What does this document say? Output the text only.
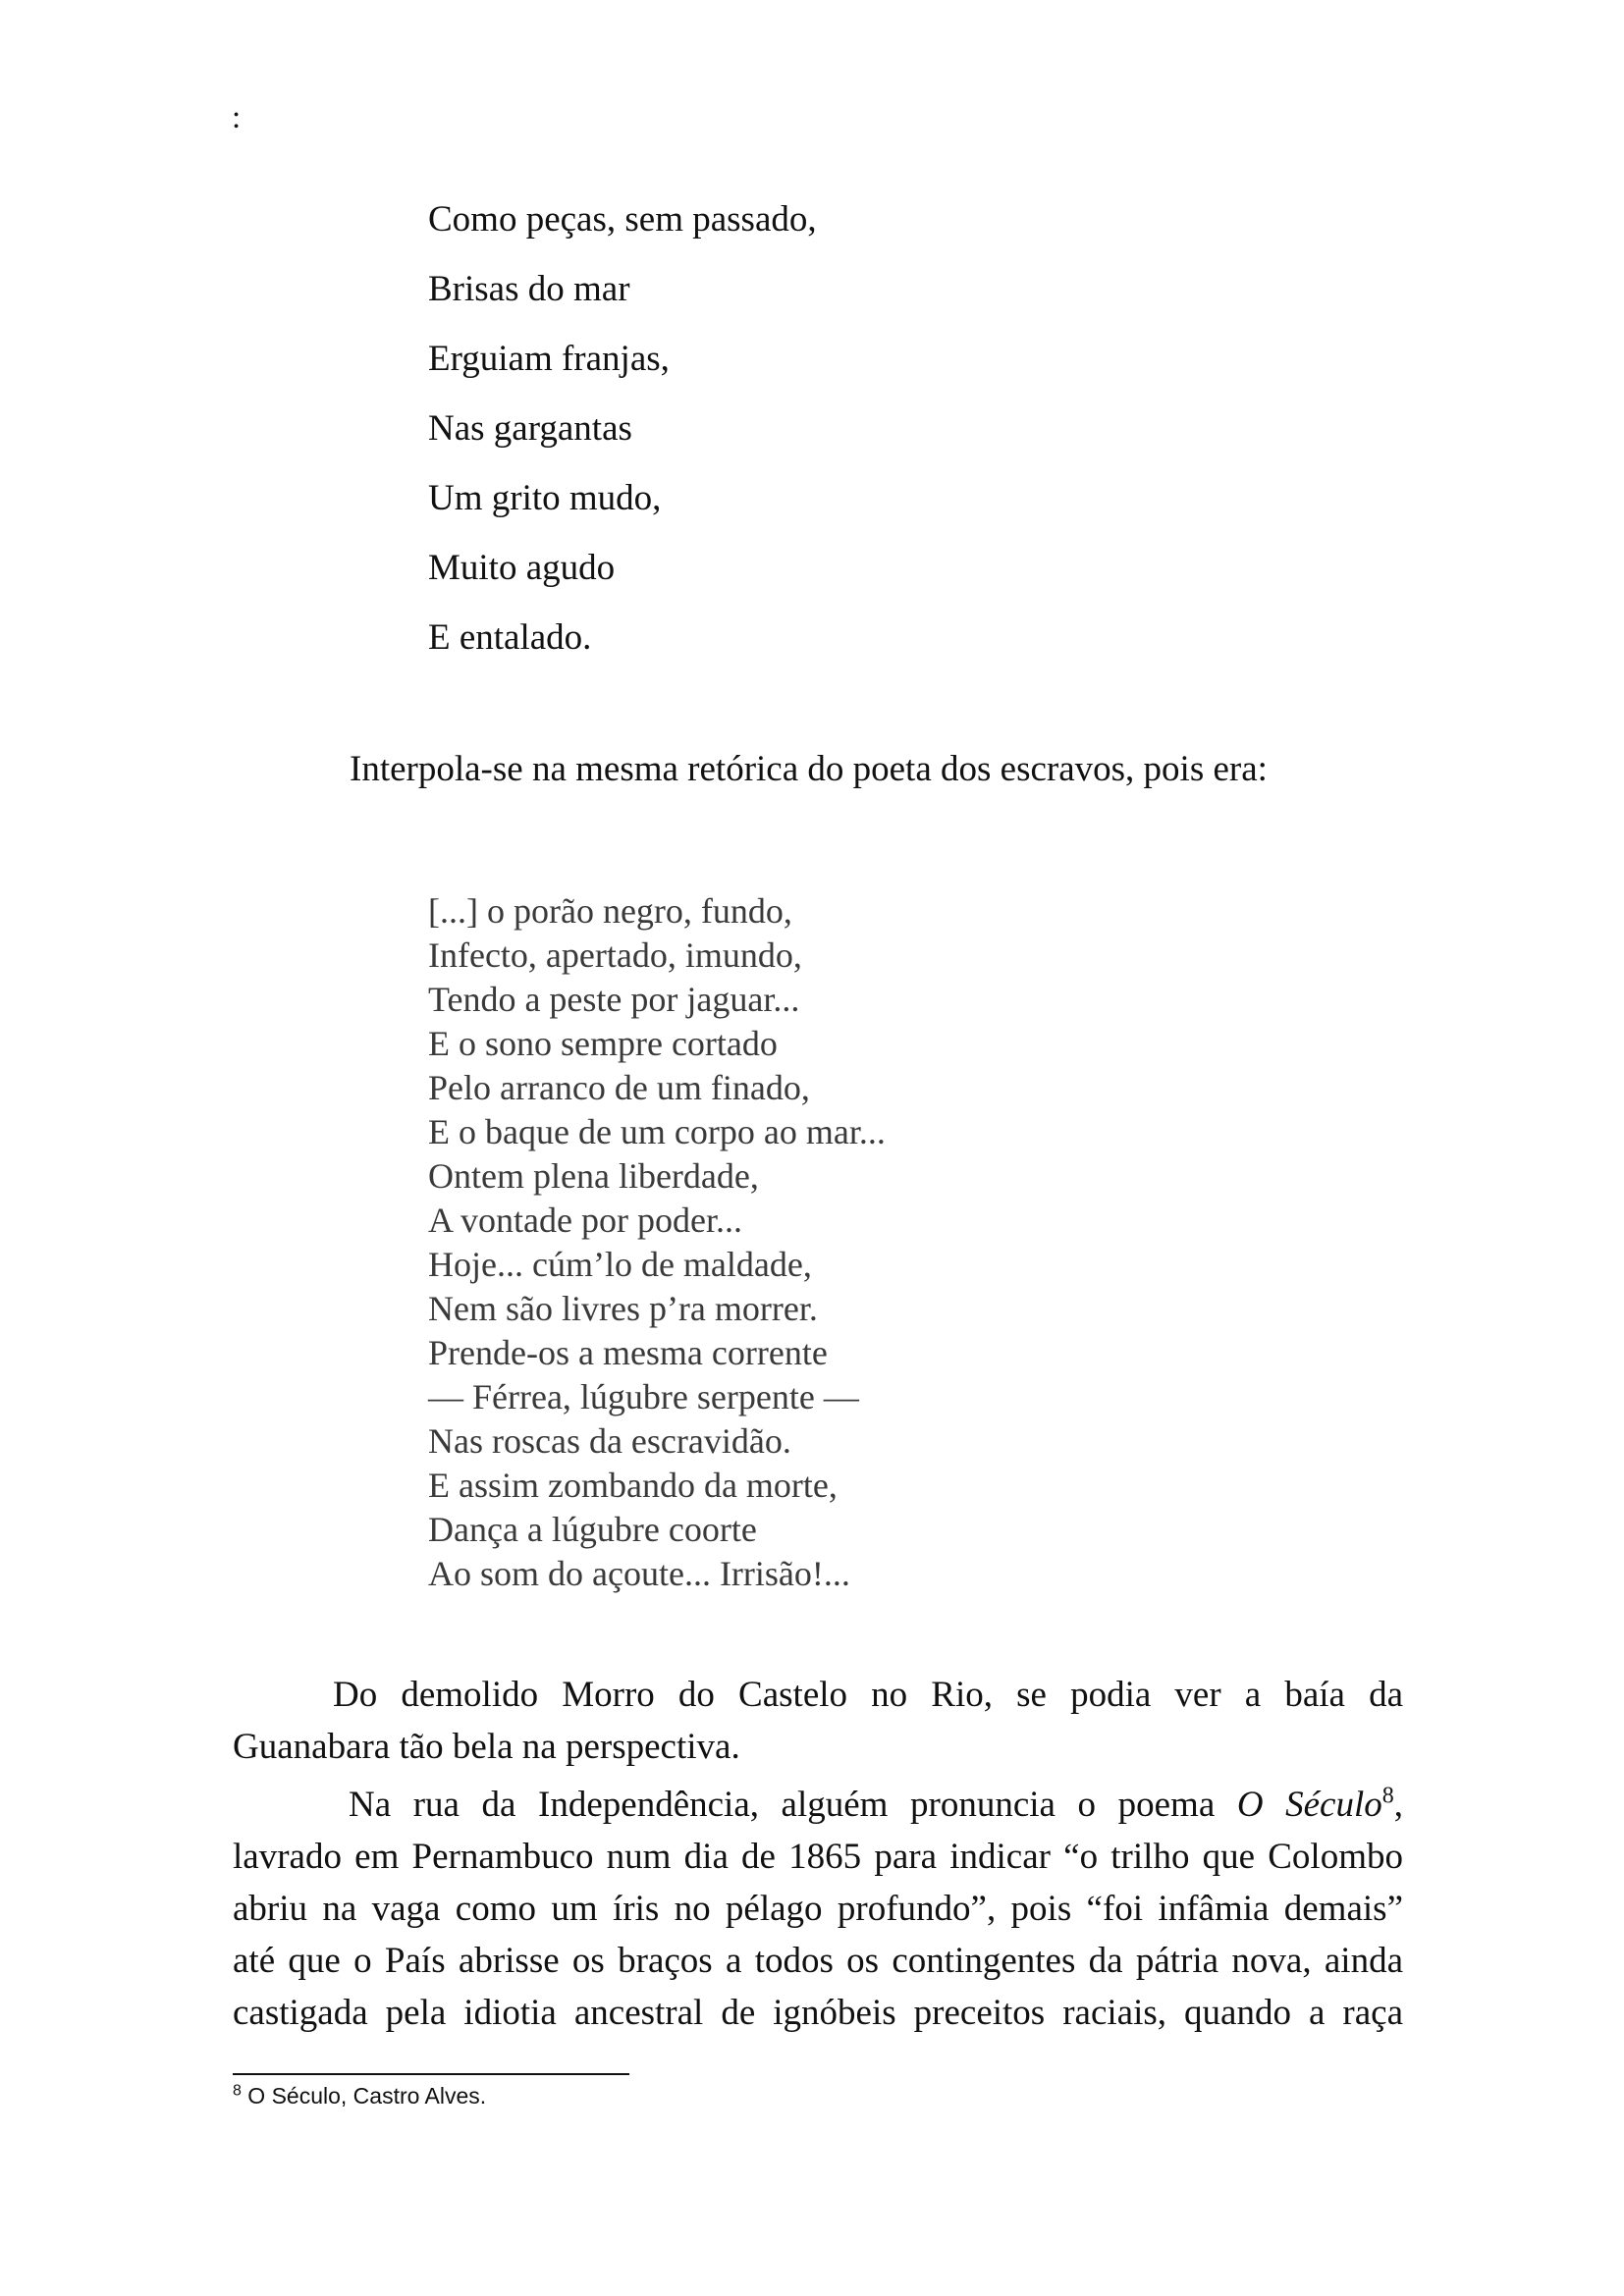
:
Como peças, sem passado,
Brisas do mar
Erguiam franjas,
Nas gargantas
Um grito mudo,
Muito agudo
E entalado.
Interpola-se na mesma retórica do poeta dos escravos, pois era:
[...] o porão negro, fundo,
Infecto, apertado, imundo,
Tendo a peste por jaguar...
E o sono sempre cortado
Pelo arranco de um finado,
E o baque de um corpo ao mar...
Ontem plena liberdade,
A vontade por poder...
Hoje... cúm’lo de maldade,
Nem são livres p’ra morrer.
Prende-os a mesma corrente
— Férrea, lúgubre serpente —
Nas roscas da escravidão.
E assim zombando da morte,
Dança a lúgubre coorte
Ao som do açoute... Irrisão!...
Do demolido Morro do Castelo no Rio, se podia ver a baía da
Guanabara tão bela na perspectiva.
Na rua da Independência, alguém pronuncia o poema O Século$^8$,
lavrado em Pernambuco num dia de 1865 para indicar “o trilho que Colombo
abriu na vaga como um íris no pélago profundo”, pois “foi infâmia demais”
até que o País abrisse os braços a todos os contingentes da pátria nova, ainda
castigada pela idiotia ancestral de ignóbeis preceitos raciais, quando a raça
$^8$ O Século, Castro Alves.
